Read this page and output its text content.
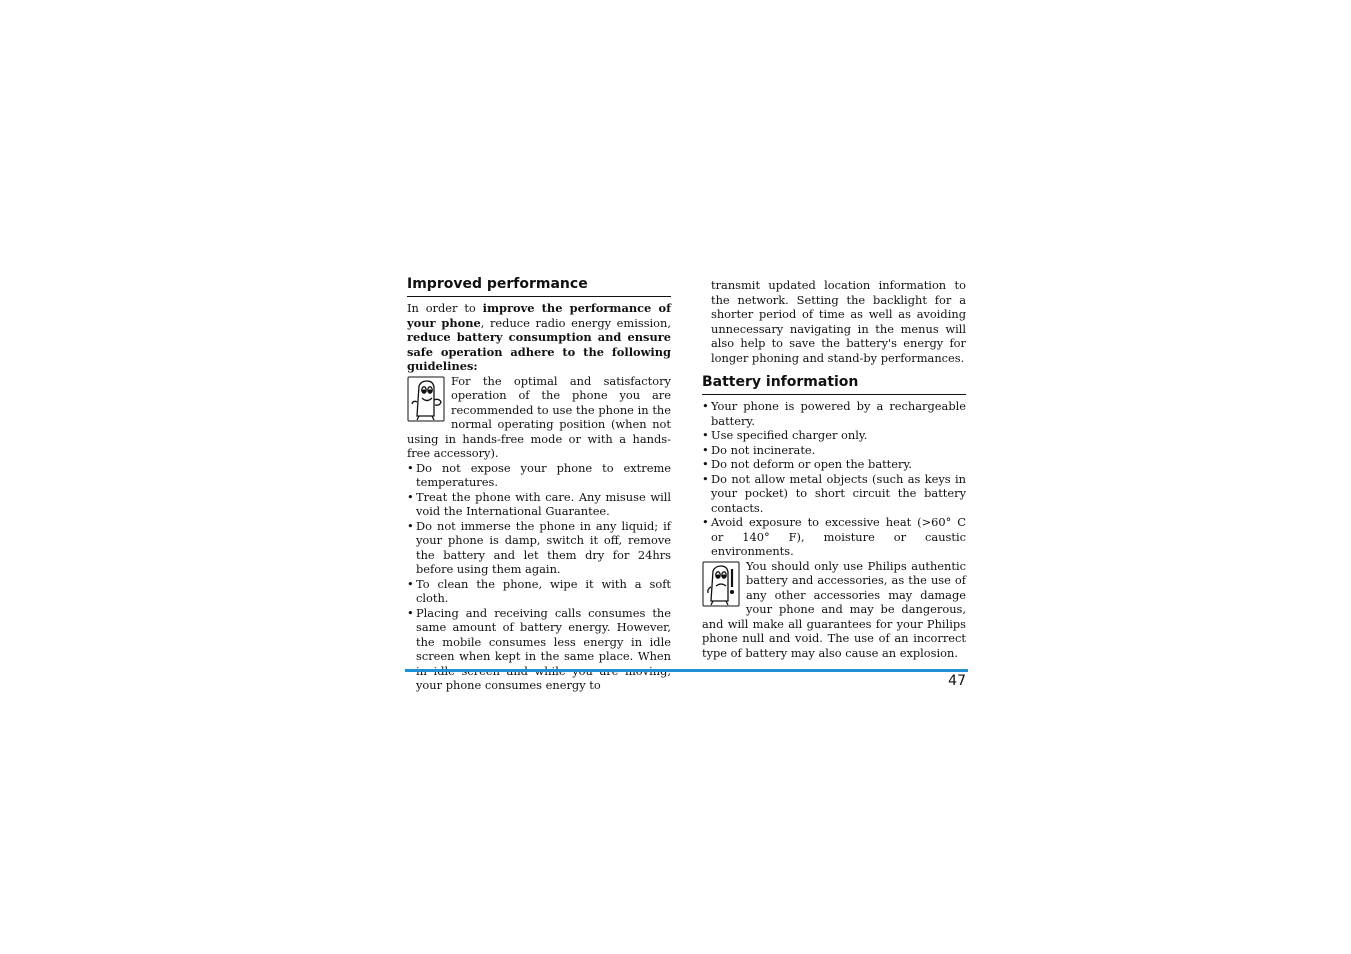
Improved performance

In order to improve the performance of your phone, reduce radio energy emission, reduce battery consumption and ensure safe operation adhere to the following guidelines:

For the optimal and satisfactory operation of the phone you are recommended to use the phone in the normal operating position (when not using in hands-free mode or with a hands-free accessory).

• Do not expose your phone to extreme temperatures.
• Treat the phone with care. Any misuse will void the International Guarantee.
• Do not immerse the phone in any liquid; if your phone is damp, switch it off, remove the battery and let them dry for 24hrs before using them again.
• To clean the phone, wipe it with a soft cloth.
• Placing and receiving calls consumes the same amount of battery energy. However, the mobile consumes less energy in idle screen when kept in the same place. When your phone consumes energy to

transmit updated location information to the network. Setting the backlight for a shorter period of time as well as avoiding unnecessary navigating in the menus will also help to save the battery's energy for longer phoning and stand-by performances.

Battery information
• Your phone is powered by a rechargeable battery.
• Use specified charger only.
• Do not incinerate.
• Do not deform or open the battery.
• Do not allow metal objects (such as keys in your pocket) to short circuit the battery contacts.
• Avoid exposure to excessive heat (>60° C or 140° F), moisture or caustic environments.

You should only use Philips authentic battery and accessories, as the use of any other accessories may damage your phone and may be dangerous, and will make all guarantees for your Philips phone null and void. The use of an incorrect type of battery may also cause an explosion.

47
